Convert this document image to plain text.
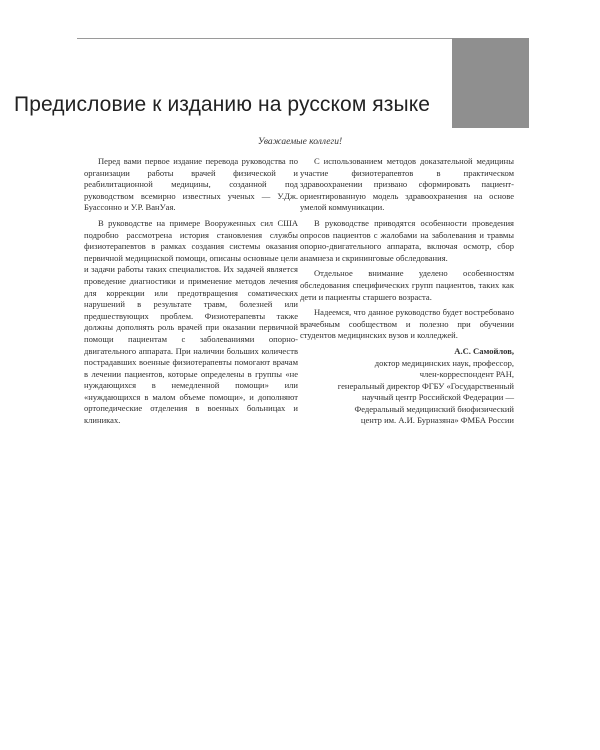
Предисловие к изданию на русском языке

Уважаемые коллеги!

Перед вами первое издание перевода руководства по организации работы врачей физической и реабилитационной медицины, созданной под руководством всемирно известных ученых — У.Дж. Буассонно и У.Р. ВанУая.

В руководстве на примере Вооруженных сил США подробно рассмотрена история становления службы физиотерапевтов в рамках создания системы оказания первичной медицинской помощи, описаны основные цели и задачи работы таких специалистов. Их задачей является проведение диагностики и применение методов лечения для коррекции или предотвращения соматических нарушений в результате травм, болезней или предшествующих проблем. Физиотерапевты также должны дополнять роль врачей при оказании первичной помощи пациентам с заболеваниями опорно-двигательного аппарата. При наличии больших количеств пострадавших военные физиотерапевты помогают врачам в лечении пациентов, которые определены в группы «не нуждающихся в немедленной помощи» или «нуждающихся в малом объеме помощи», и дополняют ортопедические отделения в военных больницах и клиниках.

С использованием методов доказательной медицины участие физиотерапевтов в практическом здравоохранении призвано сформировать пациент-ориентированную модель здравоохранения на основе умелой коммуникации.

В руководстве приводятся особенности проведения опросов пациентов с жалобами на заболевания и травмы опорно-двигательного аппарата, включая осмотр, сбор анамнеза и скрининговые обследования.

Отдельное внимание уделено особенностям обследования специфических групп пациентов, таких как дети и пациенты старшего возраста.

Надеемся, что данное руководство будет востребовано врачебным сообществом и полезно при обучении студентов медицинских вузов и колледжей.

А.С. Самойлов,
доктор медицинских наук, профессор,
член-корреспондент РАН,
генеральный директор ФГБУ «Государственный
научный центр Российской Федерации —
Федеральный медицинский биофизический
центр им. А.И. Бурназяна» ФМБА России
